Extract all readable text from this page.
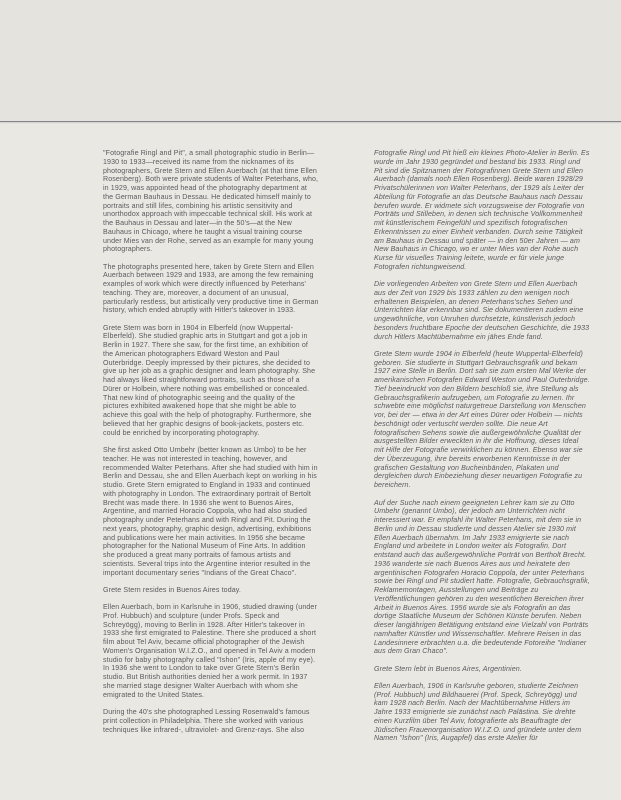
"Fotografie Ringl and Pit", a small photographic studio in Berlin—1930 to 1933—received its name from the nicknames of its photographers, Grete Stern and Ellen Auerbach (at that time Ellen Rosenberg). Both were private students of Walter Peterhans, who, in 1929, was appointed head of the photography department at the German Bauhaus in Dessau. He dedicated himself mainly to portraits and still lifes, combining his artistic sensitivity and unorthodox approach with impeccable technical skill. His work at the Bauhaus in Dessau and later—in the 50's—at the New Bauhaus in Chicago, where he taught a visual training course under Mies van der Rohe, served as an example for many young photographers.

The photographs presented here, taken by Grete Stern and Ellen Auerbach between 1929 and 1933, are among the few remaining examples of work which were directly influenced by Peterhans' teaching. They are, moreover, a document of an unusual, particularly restless, but artistically very productive time in German history, which ended abruptly with Hitler's takeover in 1933.

Grete Stern was born in 1904 in Elberfeld (now Wuppertal-Elberfeld). She studied graphic arts in Stuttgart and got a job in Berlin in 1927. There she saw, for the first time, an exhibition of the American photographers Edward Weston and Paul Outerbridge. Deeply impressed by their pictures, she decided to give up her job as a graphic designer and learn photography. She had always liked straightforward portraits, such as those of a Dürer or Holbein, where nothing was embellished or concealed. That new kind of photographic seeing and the quality of the pictures exhibited awakened hope that she might be able to achieve this goal with the help of photography. Furthermore, she believed that her graphic designs of book-jackets, posters etc. could be enriched by incorporating photography.

She first asked Otto Umbehr (better known as Umbo) to be her teacher. He was not interested in teaching, however, and recommended Walter Peterhans. After she had studied with him in Berlin and Dessau, she and Ellen Auerbach kept on working in his studio. Grete Stern emigrated to England in 1933 and continued with photography in London. The extraordinary portrait of Bertolt Brecht was made there. In 1936 she went to Buenos Aires, Argentine, and married Horacio Coppola, who had also studied photography under Peterhans and with Ringl and Pit. During the next years, photography, graphic design, advertising, exhibitions and publications were her main activities. In 1956 she became photographer for the National Museum of Fine Arts. In addition she produced a great many portraits of famous artists and scientists. Several trips into the Argentine interior resulted in the important documentary series "Indians of the Great Chaco".

Grete Stern resides in Buenos Aires today.

Ellen Auerbach, born in Karlsruhe in 1906, studied drawing (under Prof. Hubbuch) and sculpture (under Profs. Speck and Schreyögg), moving to Berlin in 1928. After Hitler's takeover in 1933 she first emigrated to Palestine. There she produced a short film about Tel Aviv, became official photographer of the Jewish Women's Organisation W.I.Z.O., and opened in Tel Aviv a modern studio for baby photography called "Ishon" (Iris, apple of my eye). In 1936 she went to London to take over Grete Stern's Berlin studio. But British authorities denied her a work permit. In 1937 she married stage designer Walter Auerbach with whom she emigrated to the United States.

During the 40's she photographed Lessing Rosenwald's famous print collection in Philadelphia. There she worked with various techniques like infrared-, ultraviolet- and Grenz-rays. She also

Fotografie Ringl und Pit hieß ein kleines Photo-Atelier in Berlin. Es wurde im Jahr 1930 gegründet und bestand bis 1933. Ringl und Pit sind die Spitznamen der Fotografinnen Grete Stern und Ellen Auerbach (damals noch Ellen Rosenberg). Beide waren 1928/29 Privatschülerinnen von Walter Peterhans, der 1929 als Leiter der Abteilung für Fotografie an das Deutsche Bauhaus nach Dessau berufen wurde. Er widmete sich vorzugsweise der Fotografie von Porträts und Stilleben, in denen sich technische Vollkommenheit mit künstlerischem Feingefühl und spezifisch fotografischen Erkenntnissen zu einer Einheit verbanden. Durch seine Tätigkeit am Bauhaus in Dessau und später — in den 50er Jahren — am New Bauhaus in Chicago, wo er unter Mies van der Rohe auch Kurse für visuelles Training leitete, wurde er für viele junge Fotografen richtungweisend.

Die vorliegenden Arbeiten von Grete Stern und Ellen Auerbach aus der Zeit von 1929 bis 1933 zählen zu den wenigen noch erhaltenen Beispielen, an denen Peterhans'sches Sehen und Unterrichten klar erkennbar sind. Sie dokumentieren zudem eine ungewöhnliche, von Unruhen durchsetzte, künstlerisch jedoch besonders fruchtbare Epoche der deutschen Geschichte, die 1933 durch Hitlers Machtübernahme ein jähes Ende fand.

Grete Stern wurde 1904 in Elberfeld (heute Wuppertal-Elberfeld) geboren. Sie studierte in Stuttgart Gebrauchsgrafik und bekam 1927 eine Stelle in Berlin. Dort sah sie zum ersten Mal Werke der amerikanischen Fotografen Edward Weston und Paul Outerbridge. Tief beeindruckt von den Bildern beschloß sie, ihre Stellung als Gebrauchsgrafikerin aufzugeben, um Fotografie zu lernen. Ihr schwebte eine möglichst naturgetreue Darstellung von Menschen vor, bei der — etwa in der Art eines Dürer oder Holbein — nichts beschönigt oder vertuscht werden sollte. Die neue Art fotografischen Sehens sowie die außergewöhnliche Qualität der ausgestellten Bilder erweckten in ihr die Hoffnung, dieses Ideal mit Hilfe der Fotografie verwirklichen zu können. Ebenso war sie der Überzeugung, ihre bereits erworbenen Kenntnisse in der grafischen Gestaltung von Bucheinbänden, Plakaten und dergleichen durch Einbeziehung dieser neuartigen Fotografie zu bereichern.

Auf der Suche nach einem geeigneten Lehrer kam sie zu Otto Umbehr (genannt Umbo), der jedoch am Unterrichten nicht interessiert war. Er empfahl ihr Walter Peterhans, mit dem sie in Berlin und in Dessau studierte und dessen Atelier sie 1930 mit Ellen Auerbach übernahm. Im Jahr 1933 emigrierte sie nach England und arbeitete in London weiter als Fotografin. Dort entstand auch das außergewöhnliche Porträt von Bertholt Brecht. 1936 wanderte sie nach Buenos Aires aus und heiratete den argentinischen Fotografen Horacio Coppola, der unter Peterhans sowie bei Ringl und Pit studiert hatte. Fotografie, Gebrauchsgrafik, Reklamemontagen, Ausstellungen und Beiträge zu Veröffentlichungen gehören zu den wesentlichen Bereichen ihrer Arbeit in Buenos Aires. 1956 wurde sie als Fotografin an das dortige Staatliche Museum der Schönen Künste berufen. Neben dieser langjährigen Betätigung entstand eine Vielzahl von Porträts namhafter Künstler und Wissenschaftler. Mehrere Reisen in das Landesinnere erbrachten u.a. die bedeutende Fotoreihe "Indianer aus dem Gran Chaco".

Grete Stern lebt in Buenos Aires, Argentinien.

Ellen Auerbach, 1906 in Karlsruhe geboren, studierte Zeichnen (Prof. Hubbuch) und Bildhauerei (Prof. Speck, Schreyögg) und kam 1928 nach Berlin. Nach der Machtübernahme Hitlers im Jahre 1933 emigrierte sie zunächst nach Palästina. Sie drehte einen Kurzfilm über Tel Aviv, fotografierte als Beauftragte der Jüdischen Frauenorganisation W.I.Z.O. und gründete unter dem Namen "Ishon" (Iris, Augapfel) das erste Atelier für
